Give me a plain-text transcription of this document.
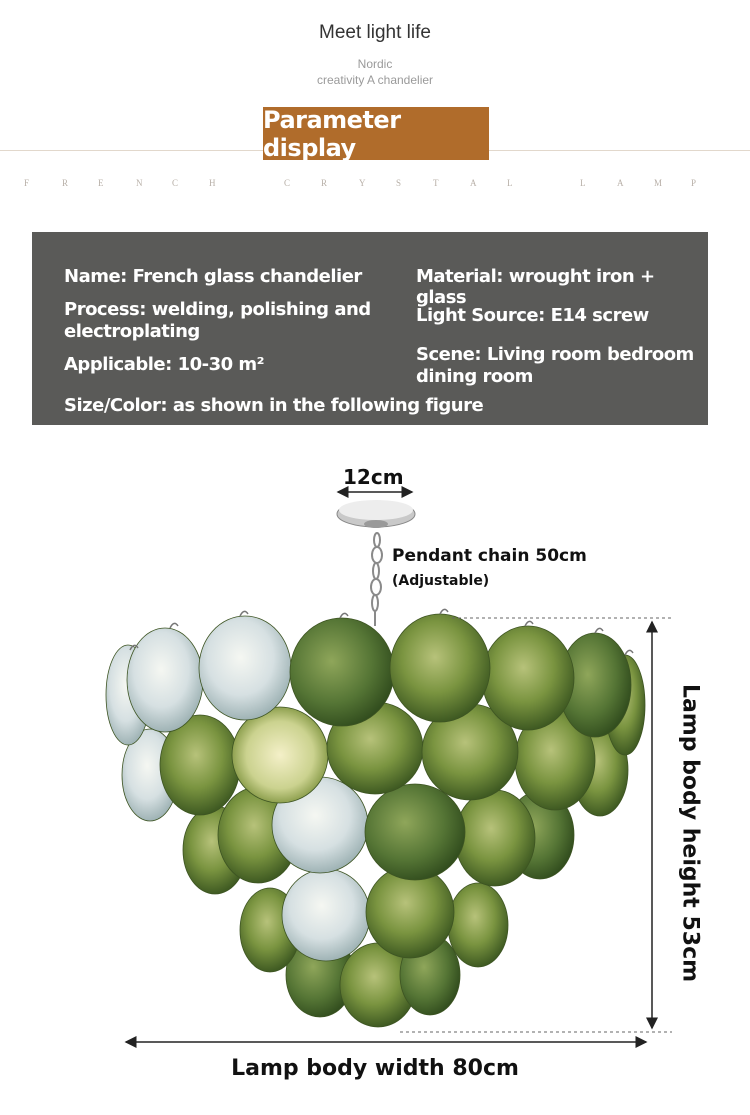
Meet light life
Nordic
creativity A chandelier
Parameter display
F	R	E	N	C	H	C	R	Y	S	T	A	L	L	A	M	P
Name: French glass chandelier	Material: wrought iron + glass
Process: welding, polishing and
electroplating
Light Source: E14 screw
Applicable: 10-30 m²	Scene: Living room bedroom
dining room
Size/Color: as shown in the following figure
12cm
Pendant chain 50cm
(Adjustable)
Lamp body height 53cm
Lamp body width 80cm
